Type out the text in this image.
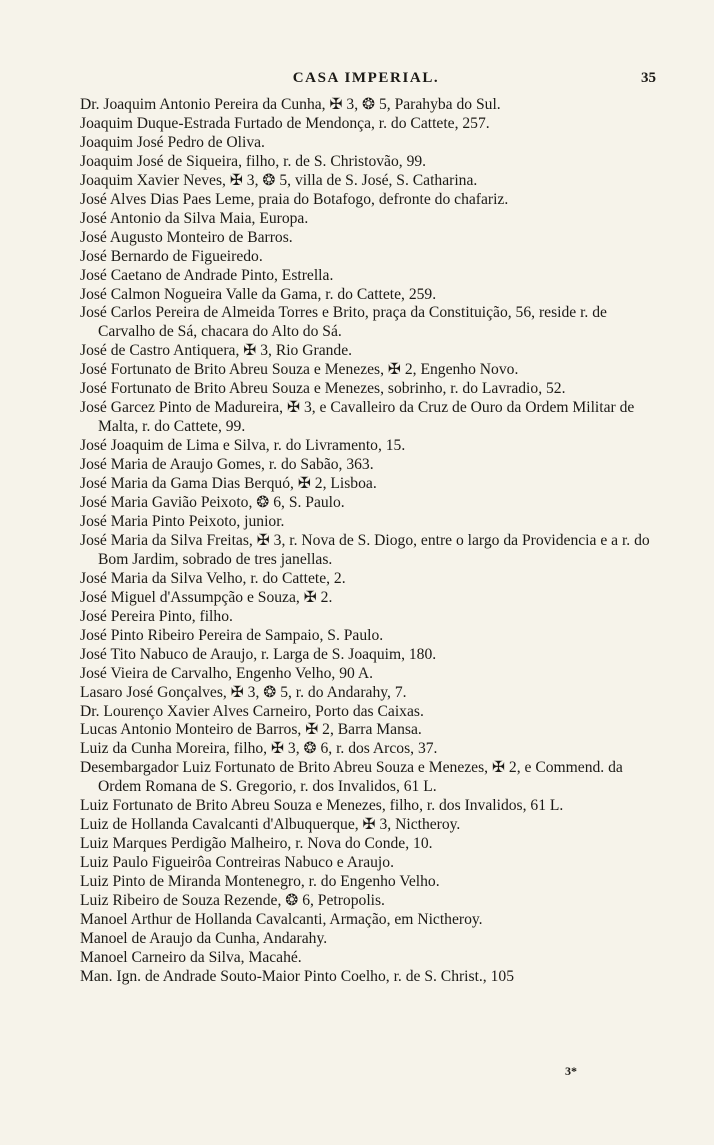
CASA IMPERIAL.	35
Dr. Joaquim Antonio Pereira da Cunha, ✠ 3, ❂ 5, Parahyba do Sul.
Joaquim Duque-Estrada Furtado de Mendonça, r. do Cattete, 257.
Joaquim José Pedro de Oliva.
Joaquim José de Siqueira, filho, r. de S. Christovão, 99.
Joaquim Xavier Neves, ✠ 3, ❂ 5, villa de S. José, S. Catharina.
José Alves Dias Paes Leme, praia do Botafogo, defronte do chafariz.
José Antonio da Silva Maia, Europa.
José Augusto Monteiro de Barros.
José Bernardo de Figueiredo.
José Caetano de Andrade Pinto, Estrella.
José Calmon Nogueira Valle da Gama, r. do Cattete, 259.
José Carlos Pereira de Almeida Torres e Brito, praça da Constituição, 56, reside r. de Carvalho de Sá, chacara do Alto do Sá.
José de Castro Antiquera, ✠ 3, Rio Grande.
José Fortunato de Brito Abreu Souza e Menezes, ✠ 2, Engenho Novo.
José Fortunato de Brito Abreu Souza e Menezes, sobrinho, r. do Lavradio, 52.
José Garcez Pinto de Madureira, ✠ 3, e Cavalleiro da Cruz de Ouro da Ordem Militar de Malta, r. do Cattete, 99.
José Joaquim de Lima e Silva, r. do Livramento, 15.
José Maria de Araujo Gomes, r. do Sabão, 363.
José Maria da Gama Dias Berquó, ✠ 2, Lisboa.
José Maria Gavião Peixoto, ❂ 6, S. Paulo.
José Maria Pinto Peixoto, junior.
José Maria da Silva Freitas, ✠ 3, r. Nova de S. Diogo, entre o largo da Providencia e a r. do Bom Jardim, sobrado de tres janellas.
José Maria da Silva Velho, r. do Cattete, 2.
José Miguel d'Assumpção e Souza, ✠ 2.
José Pereira Pinto, filho.
José Pinto Ribeiro Pereira de Sampaio, S. Paulo.
José Tito Nabuco de Araujo, r. Larga de S. Joaquim, 180.
José Vieira de Carvalho, Engenho Velho, 90 A.
Lasaro José Gonçalves, ✠ 3, ❂ 5, r. do Andarahy, 7.
Dr. Lourenço Xavier Alves Carneiro, Porto das Caixas.
Lucas Antonio Monteiro de Barros, ✠ 2, Barra Mansa.
Luiz da Cunha Moreira, filho, ✠ 3, ❂ 6, r. dos Arcos, 37.
Desembargador Luiz Fortunato de Brito Abreu Souza e Menezes, ✠ 2, e Commend. da Ordem Romana de S. Gregorio, r. dos Invalidos, 61 L.
Luiz Fortunato de Brito Abreu Souza e Menezes, filho, r. dos Invalidos, 61 L.
Luiz de Hollanda Cavalcanti d'Albuquerque, ✠ 3, Nictheroy.
Luiz Marques Perdigão Malheiro, r. Nova do Conde, 10.
Luiz Paulo Figueirôa Contreiras Nabuco e Araujo.
Luiz Pinto de Miranda Montenegro, r. do Engenho Velho.
Luiz Ribeiro de Souza Rezende, ❂ 6, Petropolis.
Manoel Arthur de Hollanda Cavalcanti, Armação, em Nictheroy.
Manoel de Araujo da Cunha, Andarahy.
Manoel Carneiro da Silva, Macahé.
Man. Ign. de Andrade Souto-Maior Pinto Coelho, r. de S. Christ., 105
3*
